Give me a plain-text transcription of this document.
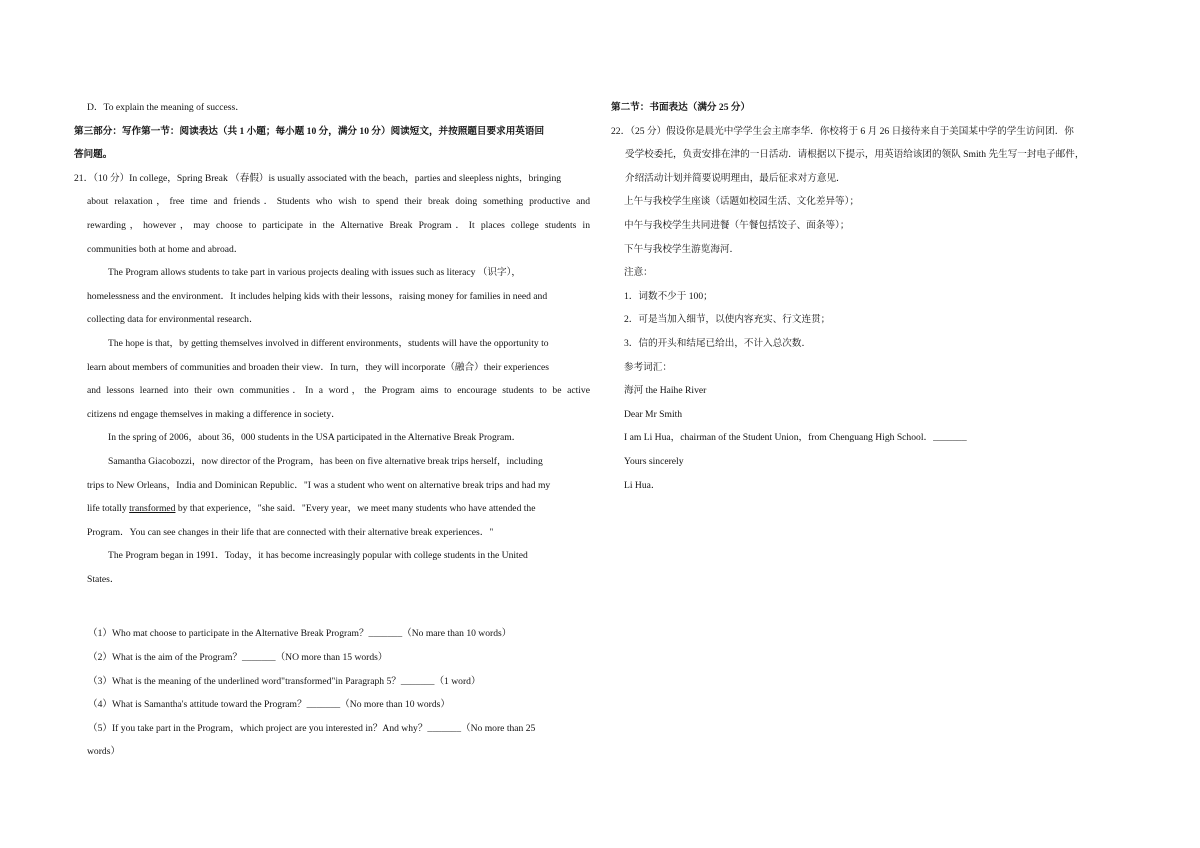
D．To explain the meaning of success．

第三部分：写作第一节：阅读表达（共 1 小题；每小题 10 分，满分 10 分）阅读短文，并按照题目要求用英语回

答问题。

21．（10 分）In college，Spring Break （春假）is usually associated with the beach，parties and sleepless nights，bringing

about relaxation，free time and friends．Students who wish to spend their break doing something productive and

rewarding，however，may choose to participate in the Alternative Break Program．It places college students in

communities both at home and abroad．

The Program allows students to take part in various projects dealing with issues such as literacy （识字），

homelessness and the environment．It includes helping kids with their lessons，raising money for families in need and

collecting data for environmental research．

The hope is that，by getting themselves involved in different environments，students will have the opportunity to

learn about members of communities and broaden their view．In turn，they will incorporate（融合）their experiences

and lessons learned into their own communities．In a word，the Program aims to encourage students to be active

citizens nd engage themselves in making a difference in society．

In the spring of 2006，about 36，000 students in the USA participated in the Alternative Break Program．

Samantha Giacobozzi，now director of the Program，has been on five alternative break trips herself，including

trips to New Orleans，India and Dominican Republic．"I was a student who went on alternative break trips and had my

life totally transformed by that experience，"she said．"Every year，we meet many students who have attended the

Program．You can see changes in their life that are connected with their alternative break experiences．"

The Program began in 1991．Today，it has become increasingly popular with college students in the United

States．

（1）Who mat choose to participate in the Alternative Break Program？_______（No mare than 10 words）

（2）What is the aim of the Program？_______（NO more than 15 words）

（3）What is the meaning of the underlined word"transformed"in Paragraph 5？_______（1 word）

（4）What is Samantha's attitude toward the Program？_______（No more than 10 words）

（5）If you take part in the Program，which project are you interested in？And why？_______（No more than 25

words）

第二节：书面表达（满分 25 分）

22．（25 分）假设你是晨光中学学生会主席李华．你校将于 6 月 26 日接待来自于美国某中学的学生访问团．你

受学校委托，负责安排在津的一日活动．请根据以下提示，用英语给该团的领队 Smith 先生写一封电子邮件，

介绍活动计划并简要说明理由，最后征求对方意见．

上午与我校学生座谈（话题如校园生活、文化差异等）；

中午与我校学生共同进餐（午餐包括饺子、面条等）；

下午与我校学生游览海河．

注意：

1．词数不少于 100；

2．可是当加入细节，以使内容充实、行文连贯；

3．信的开头和结尾已给出，不计入总次数．

参考词汇：

海河 the Haihe River

Dear Mr Smith

I am Li Hua，chairman of the Student Union，from Chenguang High School．_______

Yours sincerely

Li Hua．
